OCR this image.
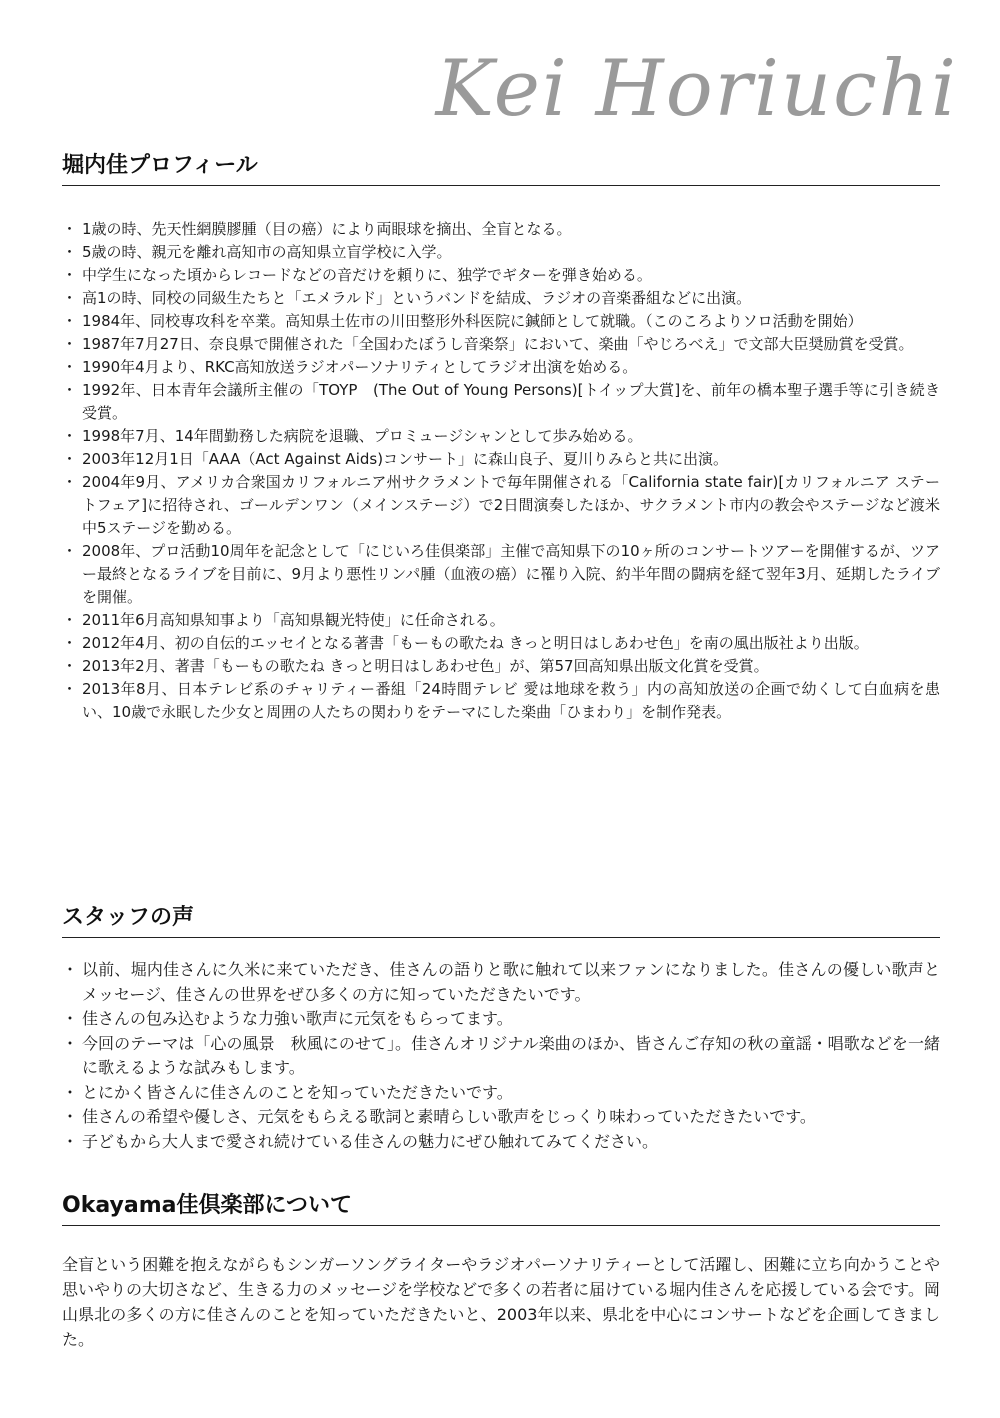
Kei Horiuchi
堀内佳プロフィール
・ 1歳の時、先天性網膜膠腫（目の癌）により両眼球を摘出、全盲となる。
・ 5歳の時、親元を離れ高知市の高知県立盲学校に入学。
・ 中学生になった頃からレコードなどの音だけを頼りに、独学でギターを弾き始める。
・ 高1の時、同校の同級生たちと「エメラルド」というバンドを結成、ラジオの音楽番組などに出演。
・ 1984年、同校専攻科を卒業。高知県土佐市の川田整形外科医院に鍼師として就職。（このころよりソロ活動を開始）
・ 1987年7月27日、奈良県で開催された「全国わたぼうし音楽祭」において、楽曲「やじろべえ」で文部大臣奨励賞を受賞。
・ 1990年4月より、RKC高知放送ラジオパーソナリティとしてラジオ出演を始める。
・ 1992年、日本青年会議所主催の「TOYP　(The Out of Young Persons)[トイップ大賞]を、前年の橋本聖子選手等に引き続き受賞。
・ 1998年7月、14年間勤務した病院を退職、プロミュージシャンとして歩み始める。
・ 2003年12月1日「AAA（Act Against Aids)コンサート」に森山良子、夏川りみらと共に出演。
・ 2004年9月、アメリカ合衆国カリフォルニア州サクラメントで毎年開催される「California state fair)[カリフォルニア ステートフェア]に招待され、ゴールデンワン（メインステージ）で2日間演奏したほか、サクラメント市内の教会やステージなど渡米中5ステージを勤める。
・ 2008年、プロ活動10周年を記念として「にじいろ佳倶楽部」主催で高知県下の10ヶ所のコンサートツアーを開催するが、ツアー最終となるライブを目前に、9月より悪性リンパ腫（血液の癌）に罹り入院、約半年間の闘病を経て翌年3月、延期したライブを開催。
・ 2011年6月高知県知事より「高知県観光特使」に任命される。
・ 2012年4月、初の自伝的エッセイとなる著書「もーもの歌たね きっと明日はしあわせ色」を南の風出版社より出版。
・ 2013年2月、著書「もーもの歌たね きっと明日はしあわせ色」が、第57回高知県出版文化賞を受賞。
・ 2013年8月、日本テレビ系のチャリティー番組「24時間テレビ 愛は地球を救う」内の高知放送の企画で幼くして白血病を患い、10歳で永眠した少女と周囲の人たちの関わりをテーマにした楽曲「ひまわり」を制作発表。
スタッフの声
・ 以前、堀内佳さんに久米に来ていただき、佳さんの語りと歌に触れて以来ファンになりました。佳さんの優しい歌声とメッセージ、佳さんの世界をぜひ多くの方に知っていただきたいです。
・ 佳さんの包み込むような力強い歌声に元気をもらってます。
・ 今回のテーマは「心の風景　秋風にのせて」。佳さんオリジナル楽曲のほか、皆さんご存知の秋の童謡・唱歌などを一緒に歌えるような試みもします。
・ とにかく皆さんに佳さんのことを知っていただきたいです。
・ 佳さんの希望や優しさ、元気をもらえる歌詞と素晴らしい歌声をじっくり味わっていただきたいです。
・ 子どもから大人まで愛され続けている佳さんの魅力にぜひ触れてみてください。
Okayama佳倶楽部について

全盲という困難を抱えながらもシンガーソングライターやラジオパーソナリティーとして活躍し、困難に立ち向かうことや思いやりの大切さなど、生きる力のメッセージを学校などで多くの若者に届けている堀内佳さんを応援している会です。岡山県北の多くの方に佳さんのことを知っていただきたいと、2003年以来、県北を中心にコンサートなどを企画してきました。
